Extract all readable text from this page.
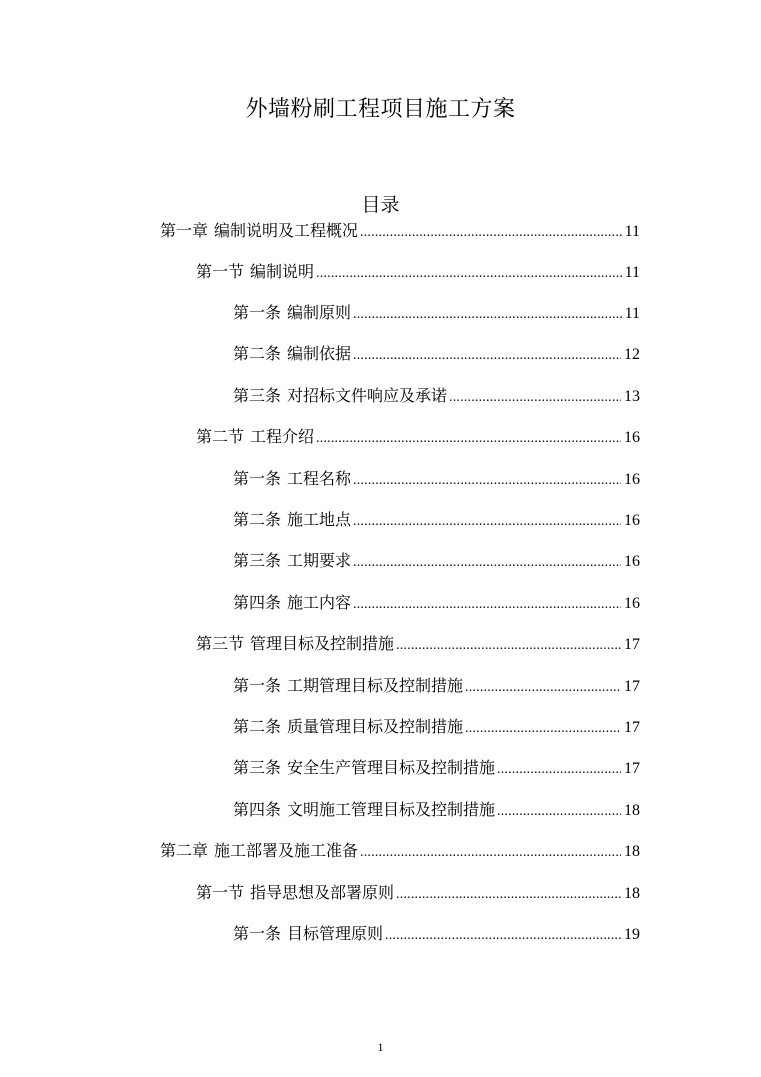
外墙粉刷工程项目施工方案
目录
第一章 编制说明及工程概况 .....	11
第一节 编制说明 .....	11
第一条 编制原则 .....	11
第二条 编制依据 .....	12
第三条 对招标文件响应及承诺 .....	13
第二节 工程介绍 .....	16
第一条 工程名称 .....	16
第二条 施工地点 .....	16
第三条 工期要求 .....	16
第四条 施工内容 .....	16
第三节 管理目标及控制措施 .....	17
第一条 工期管理目标及控制措施 .....	17
第二条 质量管理目标及控制措施 .....	17
第三条 安全生产管理目标及控制措施 .....	17
第四条 文明施工管理目标及控制措施 .....	18
第二章 施工部署及施工准备 .....	18
第一节 指导思想及部署原则 .....	18
第一条 目标管理原则 .....	19
1
